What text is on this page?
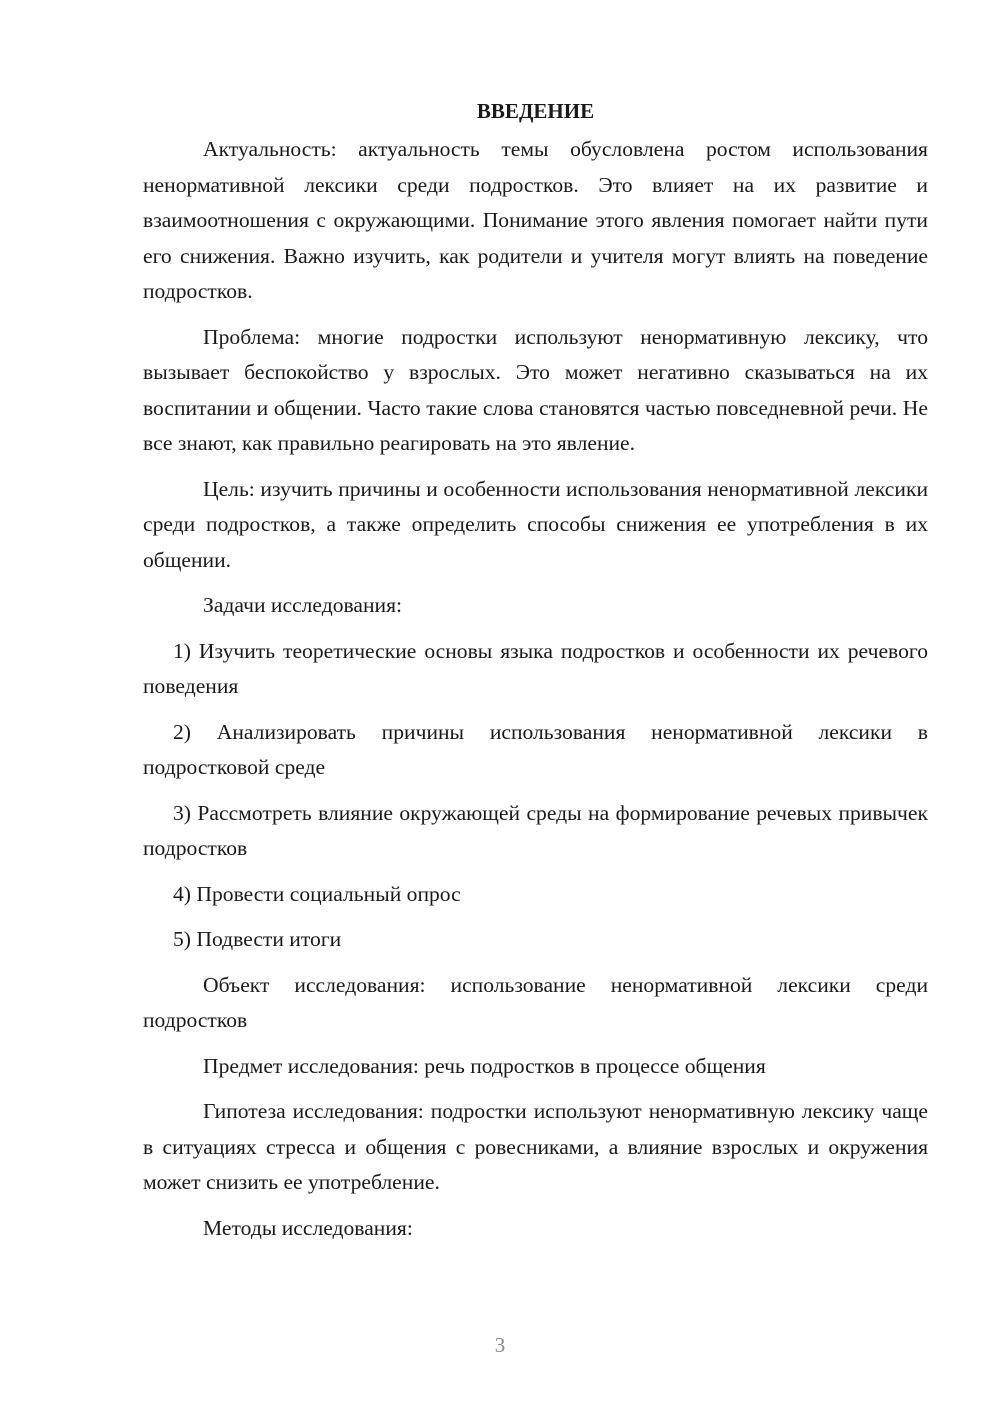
ВВЕДЕНИЕ

Актуальность: актуальность темы обусловлена ростом использования ненормативной лексики среди подростков. Это влияет на их развитие и взаимоотношения с окружающими. Понимание этого явления помогает найти пути его снижения. Важно изучить, как родители и учителя могут влиять на поведение подростков.

Проблема: многие подростки используют ненормативную лексику, что вызывает беспокойство у взрослых. Это может негативно сказываться на их воспитании и общении. Часто такие слова становятся частью повседневной речи. Не все знают, как правильно реагировать на это явление.

Цель: изучить причины и особенности использования ненормативной лексики среди подростков, а также определить способы снижения ее употребления в их общении.

Задачи исследования:

1) Изучить теоретические основы языка подростков и особенности их речевого поведения

2) Анализировать причины использования ненормативной лексики в подростковой среде

3) Рассмотреть влияние окружающей среды на формирование речевых привычек подростков

4) Провести социальный опрос

5) Подвести итоги

Объект исследования: использование ненормативной лексики среди подростков

Предмет исследования: речь подростков в процессе общения

Гипотеза исследования: подростки используют ненормативную лексику чаще в ситуациях стресса и общения с ровесниками, а влияние взрослых и окружения может снизить ее употребление.

Методы исследования:

3
